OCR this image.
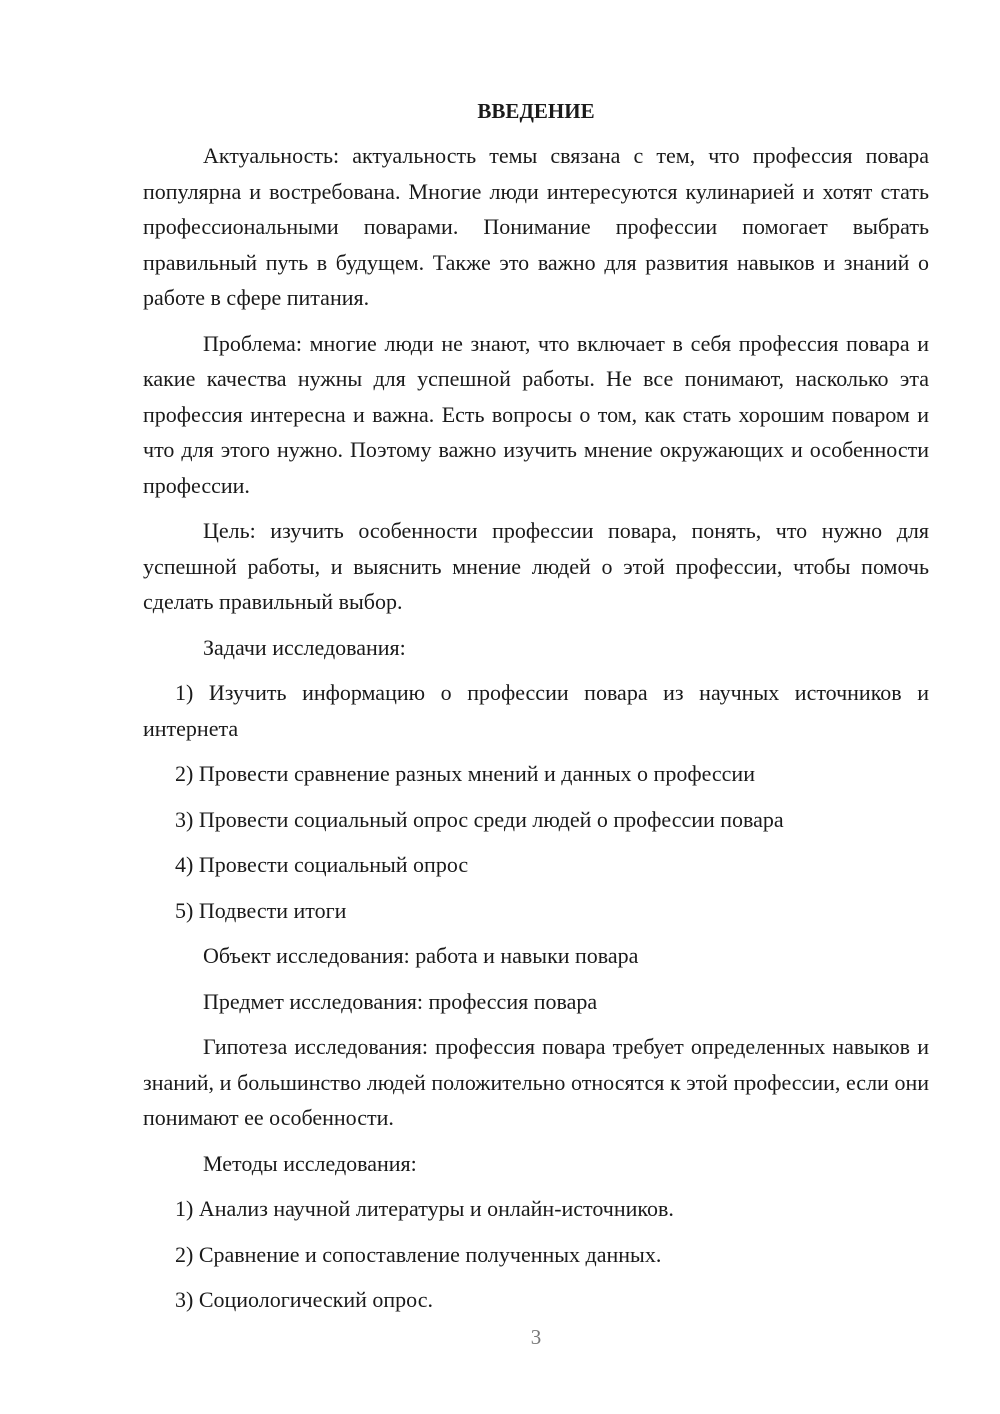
ВВЕДЕНИЕ

Актуальность: актуальность темы связана с тем, что профессия повара популярна и востребована. Многие люди интересуются кулинарией и хотят стать профессиональными поварами. Понимание профессии помогает выбрать правильный путь в будущем. Также это важно для развития навыков и знаний о работе в сфере питания.

Проблема: многие люди не знают, что включает в себя профессия повара и какие качества нужны для успешной работы. Не все понимают, насколько эта профессия интересна и важна. Есть вопросы о том, как стать хорошим поваром и что для этого нужно. Поэтому важно изучить мнение окружающих и особенности профессии.

Цель: изучить особенности профессии повара, понять, что нужно для успешной работы, и выяснить мнение людей о этой профессии, чтобы помочь сделать правильный выбор.

Задачи исследования:

1) Изучить информацию о профессии повара из научных источников и интернета

2) Провести сравнение разных мнений и данных о профессии

3) Провести социальный опрос среди людей о профессии повара

4) Провести социальный опрос

5) Подвести итоги

Объект исследования: работа и навыки повара

Предмет исследования: профессия повара

Гипотеза исследования: профессия повара требует определенных навыков и знаний, и большинство людей положительно относятся к этой профессии, если они понимают ее особенности.

Методы исследования:

1) Анализ научной литературы и онлайн-источников.

2) Сравнение и сопоставление полученных данных.

3) Социологический опрос.

3
